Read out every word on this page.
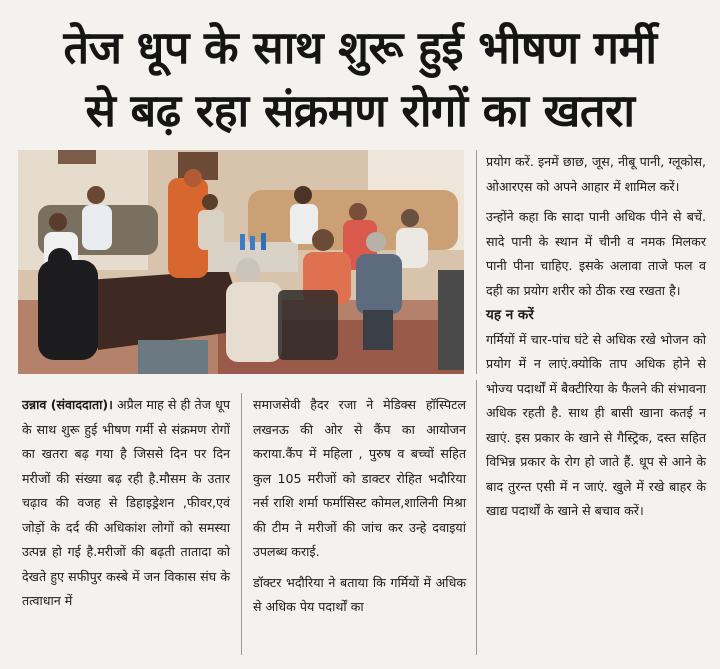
तेज धूप के साथ शुरू हुई भीषण गर्मी
से बढ़ रहा संक्रमण रोगों का खतरा

प्रयोग करें. इनमें छाछ, जूस, नीबू पानी, ग्लूकोस, ओआरएस को अपने आहार में शामिल करें।

उन्होंने कहा कि सादा पानी अधिक पीने से बचें. सादे पानी के स्थान में चीनी व नमक मिलकर पानी पीना चाहिए. इसके अलावा ताजे फल व दही का प्रयोग शरीर को ठीक रख रखता है।

यह न करें

गर्मियों में चार-पांच घंटे से अधिक रखे भोजन को प्रयोग में न लाएं.क्योकि ताप अधिक होने से भोज्य पदार्थों में बैक्टीरिया के फैलने की संभावना अधिक रहती है. साथ ही बासी खाना कतई न खाएं. इस प्रकार के खाने से गैस्ट्रिक, दस्त सहित विभिन्न प्रकार के रोग हो जाते हैं. धूप से आने के बाद तुरन्त एसी में न जाएं. खुले में रखे बाहर के खाद्य पदार्थों के खाने से बचाव करें।

उन्नाव (संवाददाता)। अप्रैल माह से ही तेज धूप के साथ शुरू हुई भीषण गर्मी से संक्रमण रोगों का खतरा बढ़ गया है जिससे दिन पर दिन मरीजों की संख्या बढ़ रही है.मौसम के उतार चढ़ाव की वजह से डिहाइड्रेशन ,फीवर,एवं जोड़ों के दर्द की अधिकांश लोगों को समस्या उत्पन्न हो गई है.मरीजों की बढ़ती तातादा को देखते हुए सफीपुर कस्बे में जन विकास संघ के तत्वाधान में

समाजसेवी हैदर रजा ने मेडिक्स हॉस्पिटल लखनऊ की ओर से कैंप का आयोजन कराया.कैंप में महिला , पुरुष व बच्चों सहित कुल 105 मरीजों को डाक्टर रोहित भदौरिया नर्स राशि शर्मा फर्मासिस्ट कोमल,शालिनी मिश्रा की टीम ने मरीजों की जांच कर उन्हे दवाइयां उपलब्ध कराई.

डॉक्टर भदौरिया ने बताया कि गर्मियों में अधिक से अधिक पेय पदार्थों का
